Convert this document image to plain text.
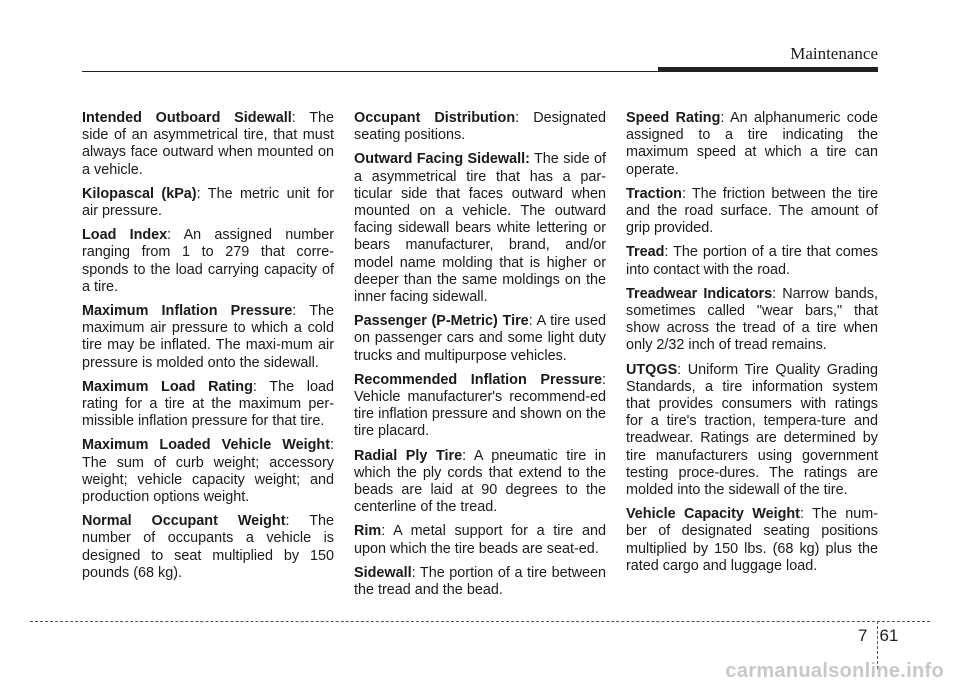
Maintenance

Intended Outboard Sidewall: The side of an asymmetrical tire, that must always face outward when mounted on a vehicle.

Kilopascal (kPa): The metric unit for air pressure.

Load Index: An assigned number ranging from 1 to 279 that corre-sponds to the load carrying capacity of a tire.

Maximum Inflation Pressure: The maximum air pressure to which a cold tire may be inflated. The maxi-mum air pressure is molded onto the sidewall.

Maximum Load Rating: The load rating for a tire at the maximum per-missible inflation pressure for that tire.

Maximum Loaded Vehicle Weight: The sum of curb weight; accessory weight; vehicle capacity weight; and production options weight.

Normal Occupant Weight: The number of occupants a vehicle is designed to seat multiplied by 150 pounds (68 kg).

Occupant Distribution: Designated seating positions.

Outward Facing Sidewall: The side of a asymmetrical tire that has a par-ticular side that faces outward when mounted on a vehicle. The outward facing sidewall bears white lettering or bears manufacturer, brand, and/or model name molding that is higher or deeper than the same moldings on the inner facing sidewall.

Passenger (P-Metric) Tire: A tire used on passenger cars and some light duty trucks and multipurpose vehicles.

Recommended Inflation Pressure: Vehicle manufacturer's recommend-ed tire inflation pressure and shown on the tire placard.

Radial Ply Tire: A pneumatic tire in which the ply cords that extend to the beads are laid at 90 degrees to the centerline of the tread.

Rim: A metal support for a tire and upon which the tire beads are seat-ed.

Sidewall: The portion of a tire between the tread and the bead.

Speed Rating: An alphanumeric code assigned to a tire indicating the maximum speed at which a tire can operate.

Traction: The friction between the tire and the road surface. The amount of grip provided.

Tread: The portion of a tire that comes into contact with the road.

Treadwear Indicators: Narrow bands, sometimes called "wear bars," that show across the tread of a tire when only 2/32 inch of tread remains.

UTQGS: Uniform Tire Quality Grading Standards, a tire information system that provides consumers with ratings for a tire's traction, tempera-ture and treadwear. Ratings are determined by tire manufacturers using government testing proce-dures. The ratings are molded into the sidewall of the tire.

Vehicle Capacity Weight: The num-ber of designated seating positions multiplied by 150 lbs. (68 kg) plus the rated cargo and luggage load.

7 61
carmanualsonline.info
